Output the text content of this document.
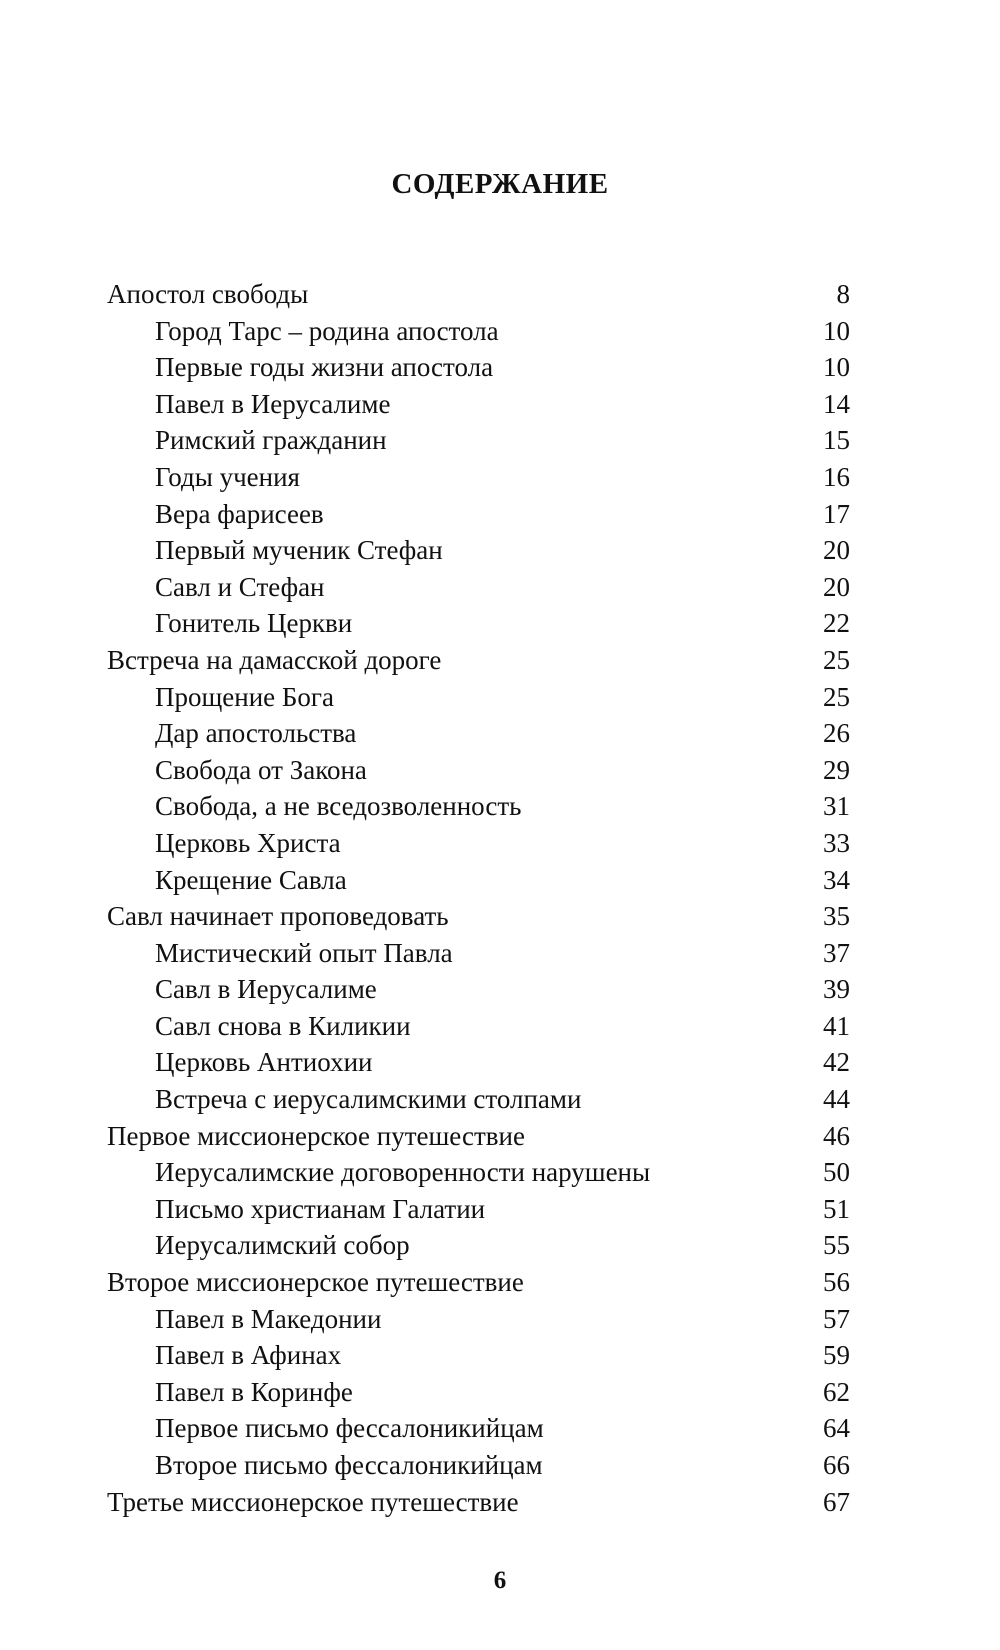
СОДЕРЖАНИЕ
Апостол свободы	8
Город Тарс – родина апостола	10
Первые годы жизни апостола	10
Павел в Иерусалиме	14
Римский гражданин	15
Годы учения	16
Вера фарисеев	17
Первый мученик Стефан	20
Савл и Стефан	20
Гонитель Церкви	22
Встреча на дамасской дороге	25
Прощение Бога	25
Дар апостольства	26
Свобода от Закона	29
Свобода, а не вседозволенность	31
Церковь Христа	33
Крещение Савла	34
Савл начинает проповедовать	35
Мистический опыт Павла	37
Савл в Иерусалиме	39
Савл снова в Киликии	41
Церковь Антиохии	42
Встреча с иерусалимскими столпами	44
Первое миссионерское путешествие	46
Иерусалимские договоренности нарушены	50
Письмо христианам Галатии	51
Иерусалимский собор	55
Второе миссионерское путешествие	56
Павел в Македонии	57
Павел в Афинах	59
Павел в Коринфе	62
Первое письмо фессалоникийцам	64
Второе письмо фессалоникийцам	66
Третье миссионерское путешествие	67
6
